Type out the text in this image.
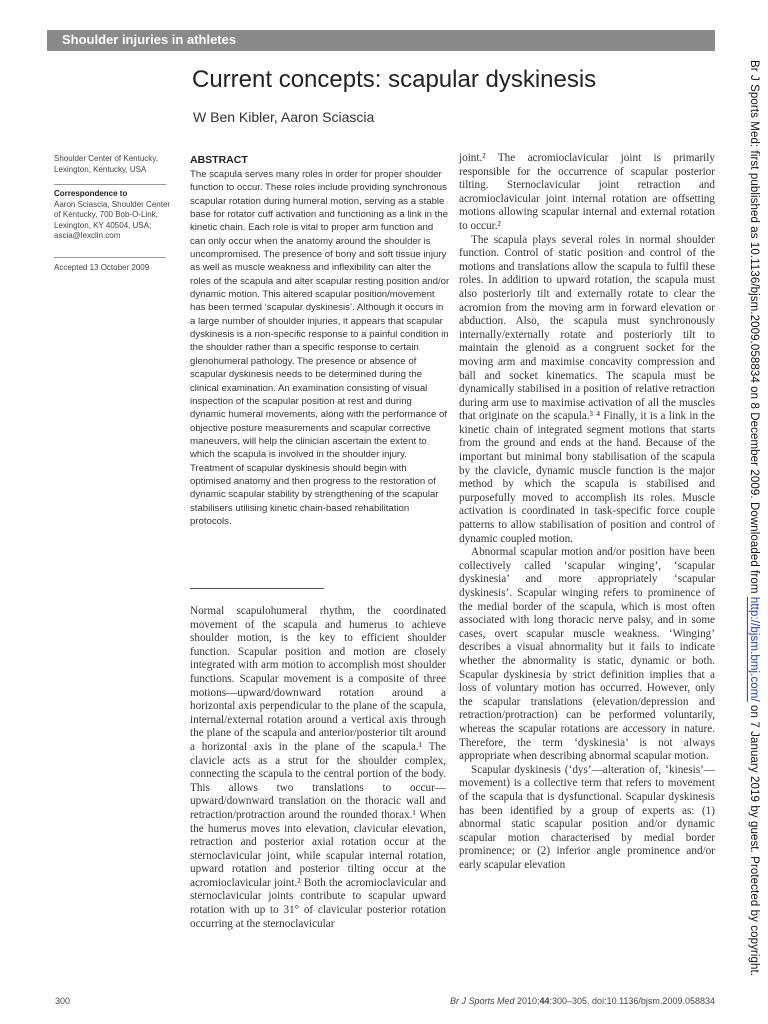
Shoulder injuries in athletes
Br J Sports Med: first published as 10.1136/bjsm.2009.058834 on 8 December 2009. Downloaded from http://bjsm.bmj.com/ on 7 January 2019 by guest. Protected by copyright.
Current concepts: scapular dyskinesis
W Ben Kibler, Aaron Sciascia
Shoulder Center of Kentucky, Lexington, Kentucky, USA
Correspondence to
Aaron Sciascia, Shoulder Center of Kentucky, 700 Bob-O-Link, Lexington, KY 40504, USA; ascia@lexclin.com
Accepted 13 October 2009
ABSTRACT

The scapula serves many roles in order for proper shoulder function to occur. These roles include providing synchronous scapular rotation during humeral motion, serving as a stable base for rotator cuff activation and functioning as a link in the kinetic chain. Each role is vital to proper arm function and can only occur when the anatomy around the shoulder is uncompromised. The presence of bony and soft tissue injury as well as muscle weakness and inflexibility can alter the roles of the scapula and alter scapular resting position and/or dynamic motion. This altered scapular position/movement has been termed ‘scapular dyskinesis’. Although it occurs in a large number of shoulder injuries, it appears that scapular dyskinesis is a non-specific response to a painful condition in the shoulder rather than a specific response to certain glenohumeral pathology. The presence or absence of scapular dyskinesis needs to be determined during the clinical examination. An examination consisting of visual inspection of the scapular position at rest and during dynamic humeral movements, along with the performance of objective posture measurements and scapular corrective maneuvers, will help the clinician ascertain the extent to which the scapula is involved in the shoulder injury. Treatment of scapular dyskinesis should begin with optimised anatomy and then progress to the restoration of dynamic scapular stability by strengthening of the scapular stabilisers utilising kinetic chain-based rehabilitation protocols.

Normal scapulohumeral rhythm, the coordinated movement of the scapula and humerus to achieve shoulder motion, is the key to efficient shoulder function. Scapular position and motion are closely integrated with arm motion to accomplish most shoulder functions. Scapular movement is a composite of three motions—upward/downward rotation around a horizontal axis perpendicular to the plane of the scapula, internal/external rotation around a vertical axis through the plane of the scapula and anterior/posterior tilt around a horizontal axis in the plane of the scapula.¹ The clavicle acts as a strut for the shoulder complex, connecting the scapula to the central portion of the body. This allows two translations to occur—upward/downward translation on the thoracic wall and retraction/protraction around the rounded thorax.¹ When the humerus moves into elevation, clavicular elevation, retraction and posterior axial rotation occur at the sternoclavicular joint, while scapular internal rotation, upward rotation and posterior tilting occur at the acromioclavicular joint.² Both the acromioclavicular and sternoclavicular joints contribute to scapular upward rotation with up to 31° of clavicular posterior rotation occurring at the sternoclavicular

joint.² The acromioclavicular joint is primarily responsible for the occurrence of scapular posterior tilting. Sternoclavicular joint retraction and acromioclavicular joint internal rotation are offsetting motions allowing scapular internal and external rotation to occur.²

The scapula plays several roles in normal shoulder function. Control of static position and control of the motions and translations allow the scapula to fulfil these roles. In addition to upward rotation, the scapula must also posteriorly tilt and externally rotate to clear the acromion from the moving arm in forward elevation or abduction. Also, the scapula must synchronously internally/externally rotate and posteriorly tilt to maintain the glenoid as a congruent socket for the moving arm and maximise concavity compression and ball and socket kinematics. The scapula must be dynamically stabilised in a position of relative retraction during arm use to maximise activation of all the muscles that originate on the scapula.³ ⁴ Finally, it is a link in the kinetic chain of integrated segment motions that starts from the ground and ends at the hand. Because of the important but minimal bony stabilisation of the scapula by the clavicle, dynamic muscle function is the major method by which the scapula is stabilised and purposefully moved to accomplish its roles. Muscle activation is coordinated in task-specific force couple patterns to allow stabilisation of position and control of dynamic coupled motion.

Abnormal scapular motion and/or position have been collectively called ‘scapular winging’, ‘scapular dyskinesia’ and more appropriately ‘scapular dyskinesis’. Scapular winging refers to prominence of the medial border of the scapula, which is most often associated with long thoracic nerve palsy, and in some cases, overt scapular muscle weakness. ‘Winging’ describes a visual abnormality but it fails to indicate whether the abnormality is static, dynamic or both. Scapular dyskinesia by strict definition implies that a loss of voluntary motion has occurred. However, only the scapular translations (elevation/depression and retraction/protraction) can be performed voluntarily, whereas the scapular rotations are accessory in nature. Therefore, the term ‘dyskinesia’ is not always appropriate when describing abnormal scapular motion.

Scapular dyskinesis (‘dys’—alteration of, ‘kinesis’—movement) is a collective term that refers to movement of the scapula that is dysfunctional. Scapular dyskinesis has been identified by a group of experts as: (1) abnormal static scapular position and/or dynamic scapular motion characterised by medial border prominence; or (2) inferior angle prominence and/or early scapular elevation

300	Br J Sports Med 2010;44:300–305. doi:10.1136/bjsm.2009.058834
